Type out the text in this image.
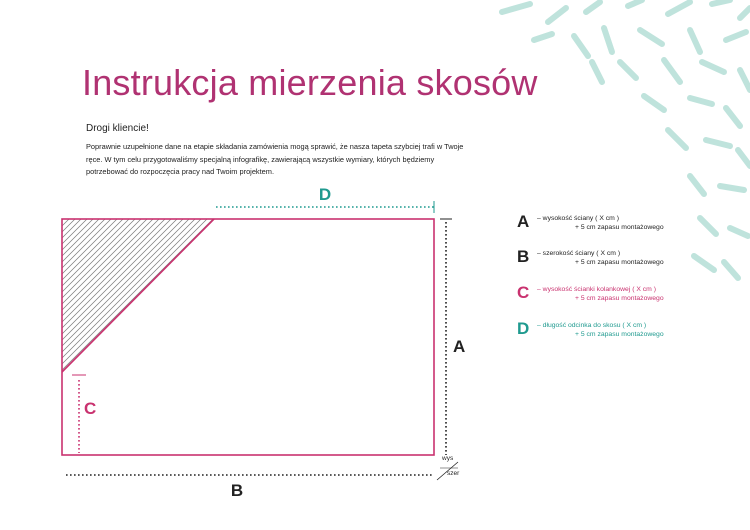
Instrukcja mierzenia skosów
Drogi kliencie!
Poprawnie uzupełnione dane na etapie składania zamówienia mogą sprawić, że nasza tapeta szybciej trafi w Twoje ręce. W tym celu przygotowaliśmy specjalną infografikę, zawierającą wszystkie wymiary, których będziemy potrzebować do rozpoczęcia pracy nad Twoim projektem.
D
A
B
C
wys
szer
A – wysokość ściany ( X cm )
+ 5 cm zapasu montażowego
B – szerokość ściany ( X cm )
+ 5 cm zapasu montażowego
C – wysokość ścianki kolankowej ( X cm )
+ 5 cm zapasu montażowego
D – długość odcinka do skosu ( X cm )
+ 5 cm zapasu montażowego
